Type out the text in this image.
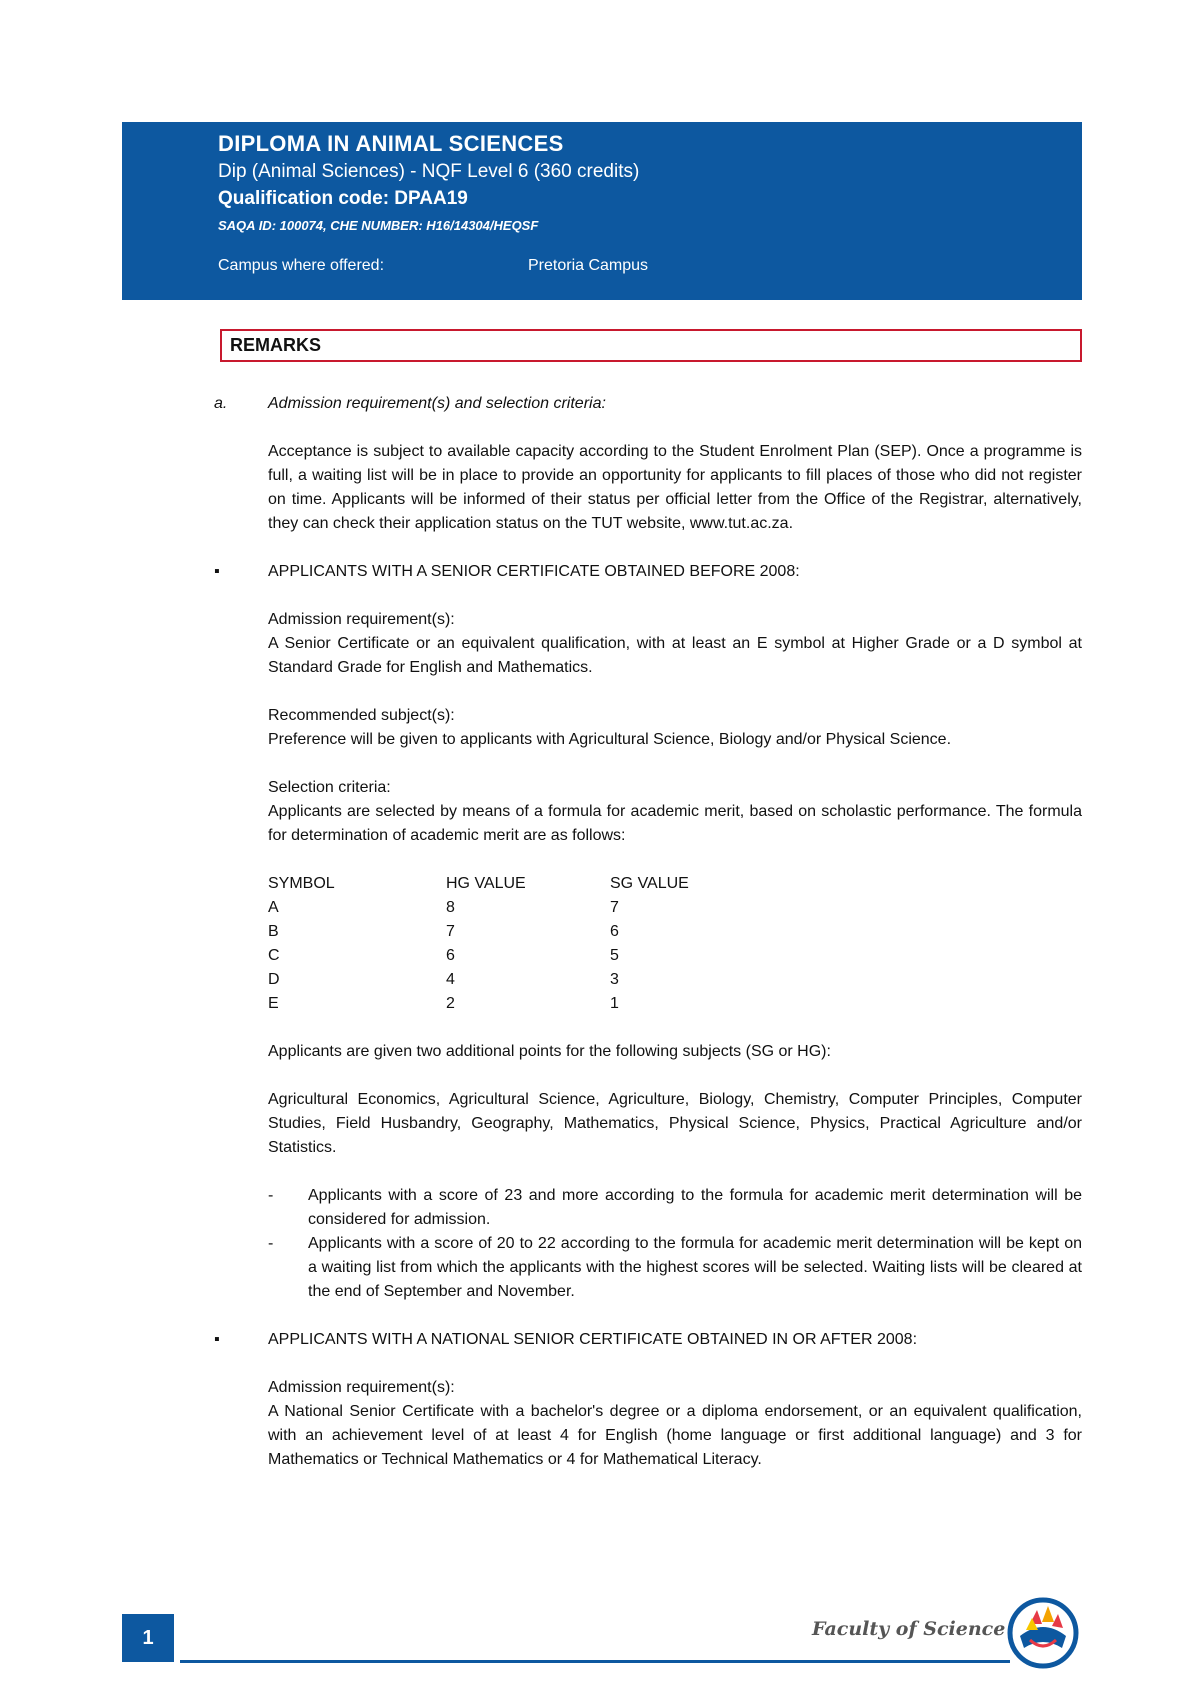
DIPLOMA IN ANIMAL SCIENCES
Dip (Animal Sciences) - NQF Level 6 (360 credits)
Qualification code: DPAA19
SAQA ID: 100074, CHE NUMBER: H16/14304/HEQSF
Campus where offered:	Pretoria Campus
REMARKS
a.	Admission requirement(s) and selection criteria:
Acceptance is subject to available capacity according to the Student Enrolment Plan (SEP). Once a programme is full, a waiting list will be in place to provide an opportunity for applicants to fill places of those who did not register on time. Applicants will be informed of their status per official letter from the Office of the Registrar, alternatively, they can check their application status on the TUT website, www.tut.ac.za.
▪	APPLICANTS WITH A SENIOR CERTIFICATE OBTAINED BEFORE 2008:
Admission requirement(s):
A Senior Certificate or an equivalent qualification, with at least an E symbol at Higher Grade or a D symbol at Standard Grade for English and Mathematics.
Recommended subject(s):
Preference will be given to applicants with Agricultural Science, Biology and/or Physical Science.
Selection criteria:
Applicants are selected by means of a formula for academic merit, based on scholastic performance. The formula for determination of academic merit are as follows:
SYMBOL	HG VALUE	SG VALUE
A	8	7
B	7	6
C	6	5
D	4	3
E	2	1
Applicants are given two additional points for the following subjects (SG or HG):
Agricultural Economics, Agricultural Science, Agriculture, Biology, Chemistry, Computer Principles, Computer Studies, Field Husbandry, Geography, Mathematics, Physical Science, Physics, Practical Agriculture and/or Statistics.
-	Applicants with a score of 23 and more according to the formula for academic merit determination will be considered for admission.
-	Applicants with a score of 20 to 22 according to the formula for academic merit determination will be kept on a waiting list from which the applicants with the highest scores will be selected. Waiting lists will be cleared at the end of September and November.
▪	APPLICANTS WITH A NATIONAL SENIOR CERTIFICATE OBTAINED IN OR AFTER 2008:
Admission requirement(s):
A National Senior Certificate with a bachelor's degree or a diploma endorsement, or an equivalent qualification, with an achievement level of at least 4 for English (home language or first additional language) and 3 for Mathematics or Technical Mathematics or 4 for Mathematical Literacy.
1	Faculty of Science
